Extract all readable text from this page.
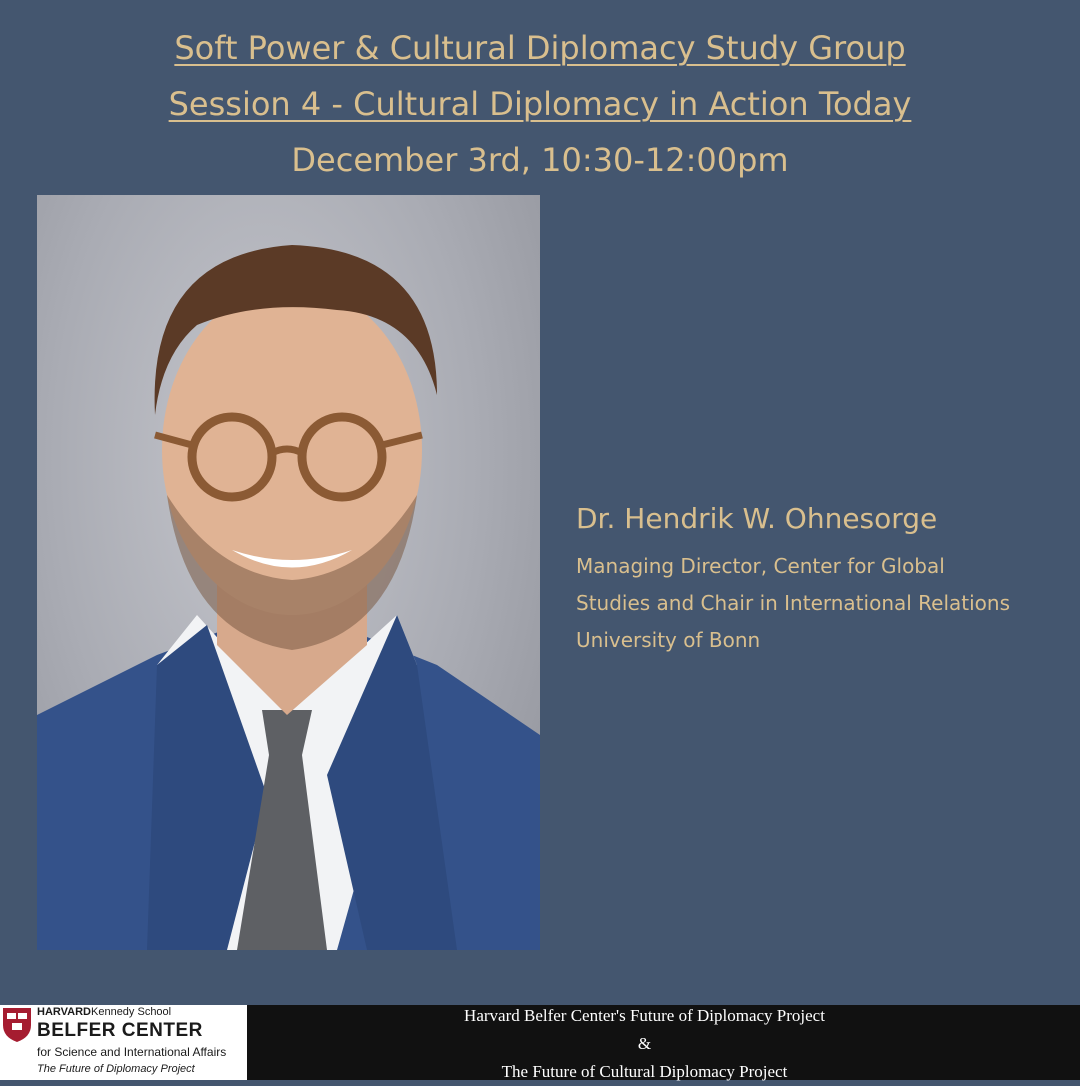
Soft Power & Cultural Diplomacy Study Group
Session 4 - Cultural Diplomacy in Action Today
December 3rd, 10:30-12:00pm
Dr. Hendrik W. Ohnesorge
Managing Director, Center for Global
Studies and Chair in International Relations
University of Bonn
HARVARDKennedy School
BELFER CENTER
for Science and International Affairs
The Future of Diplomacy Project
Harvard Belfer Center's Future of Diplomacy Project
&
The Future of Cultural Diplomacy Project
